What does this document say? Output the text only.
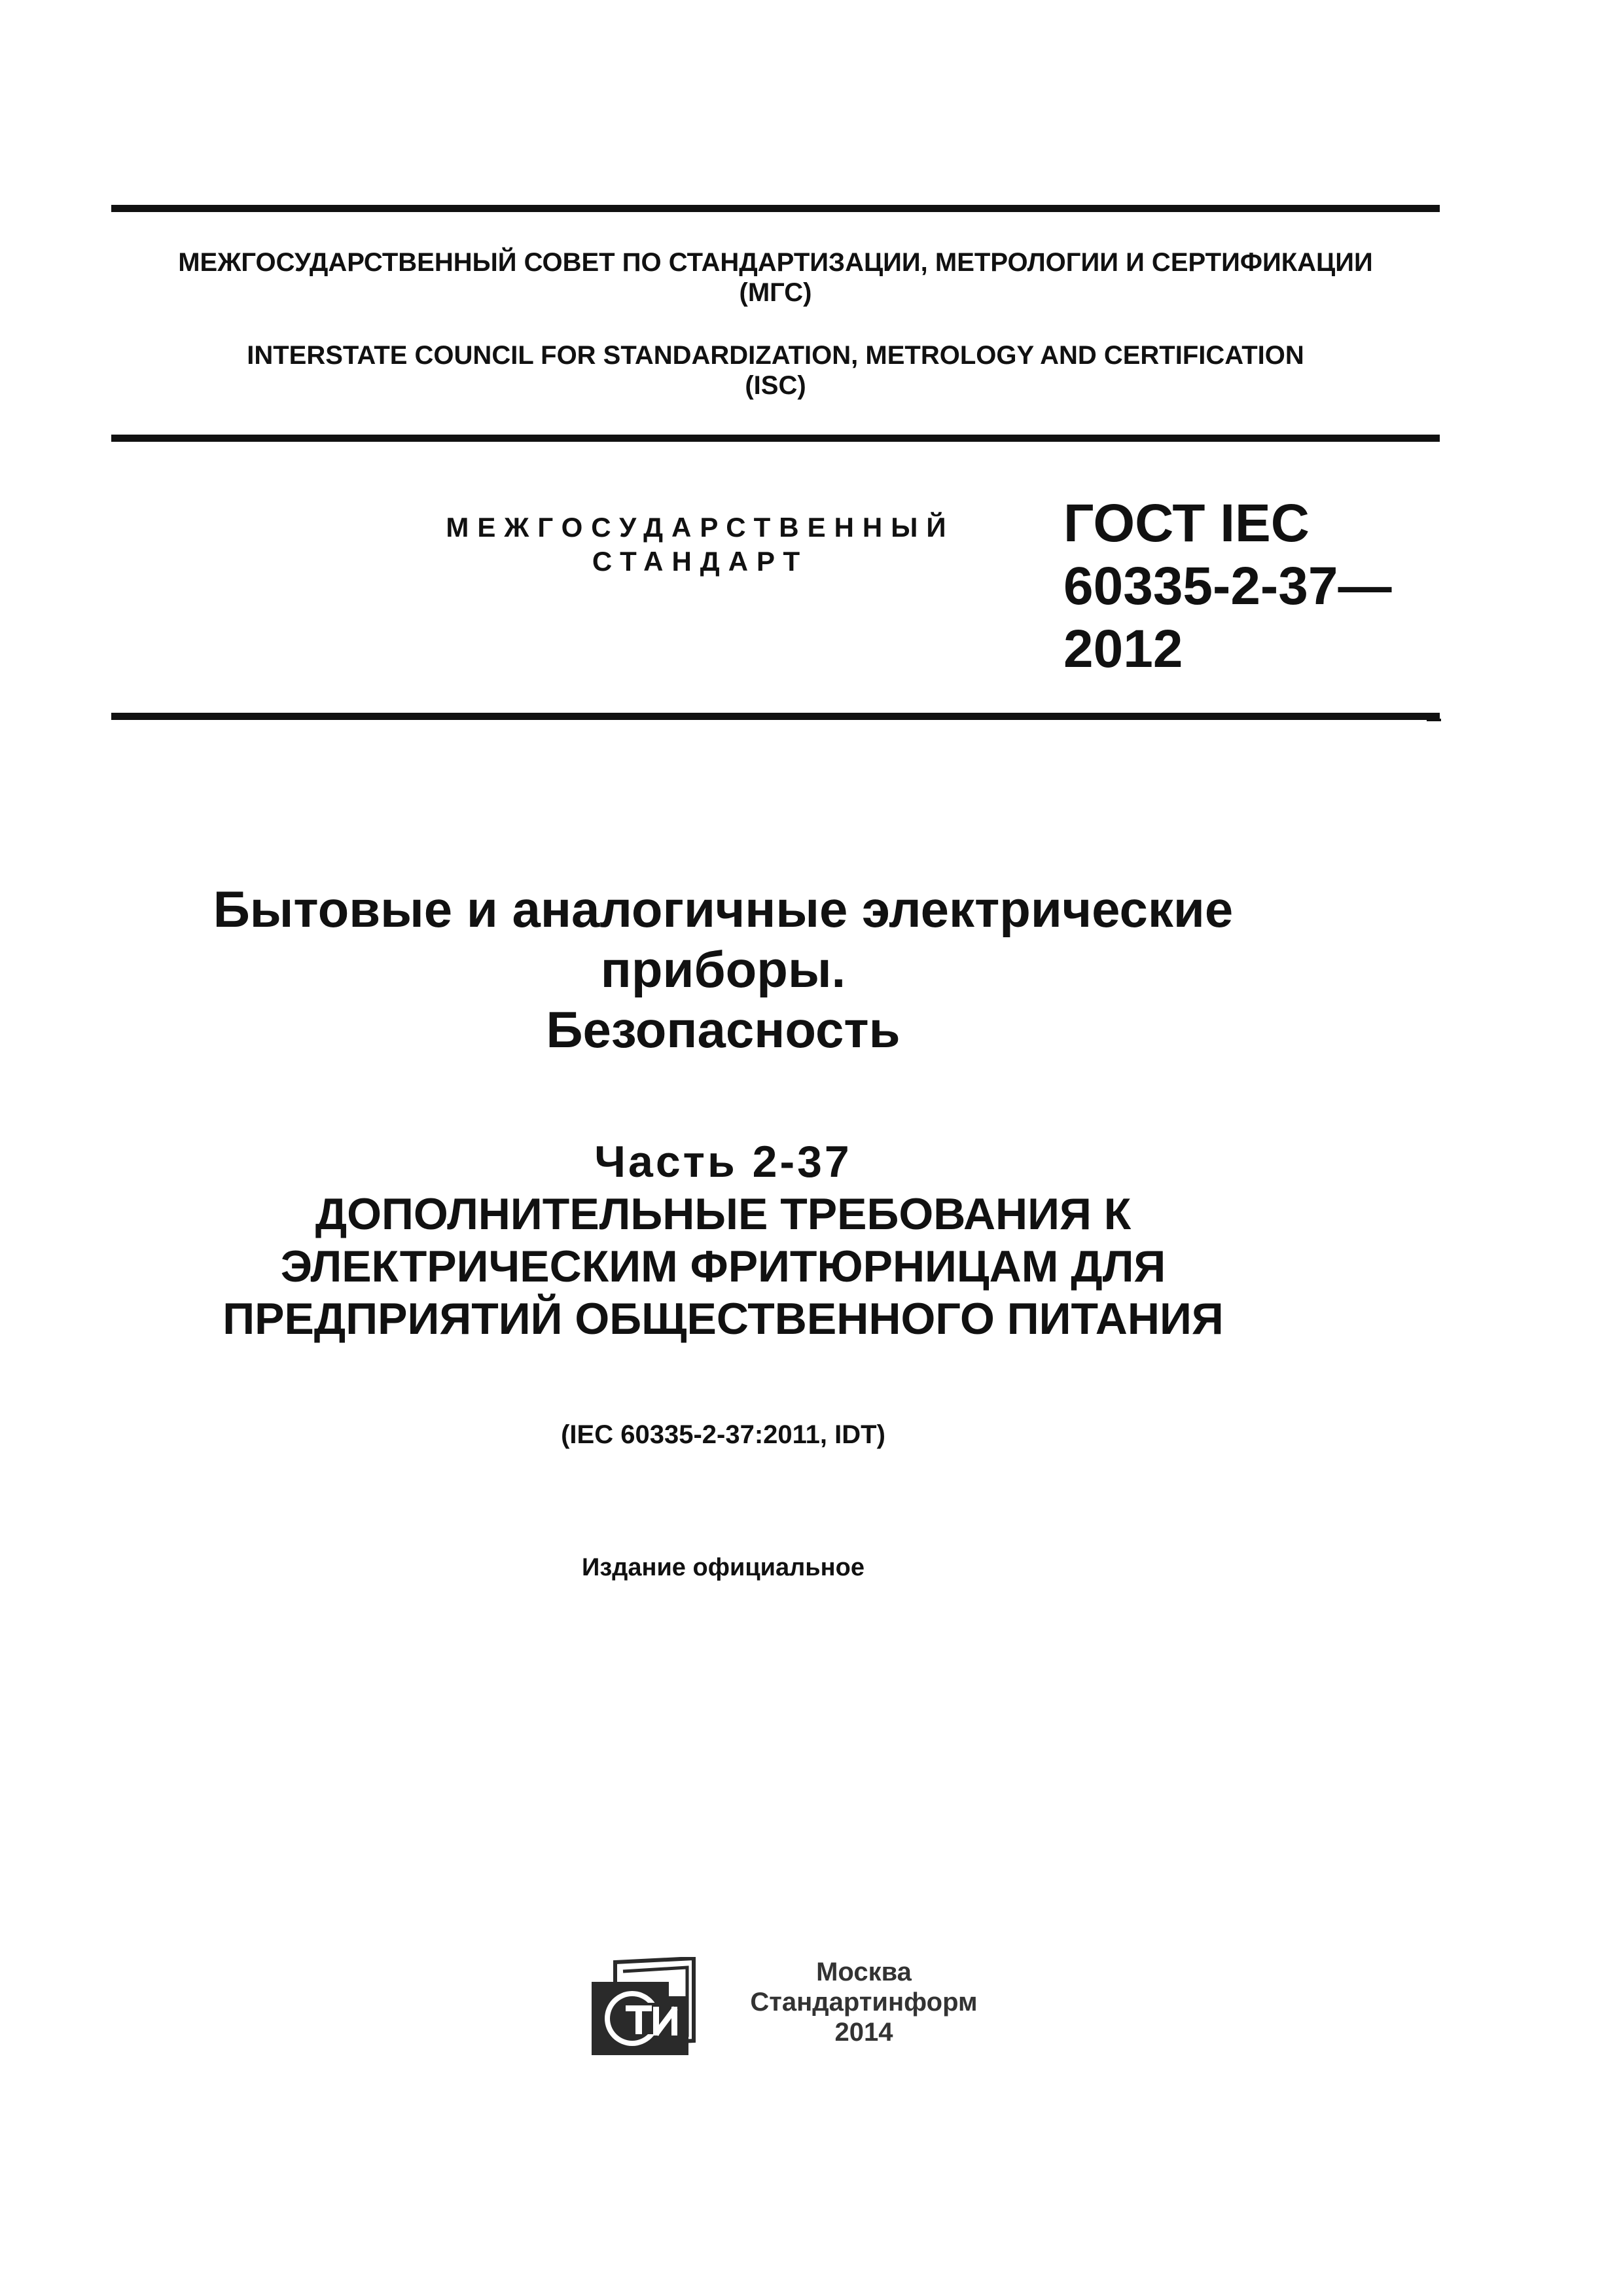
МЕЖГОСУДАРСТВЕННЫЙ СОВЕТ ПО СТАНДАРТИЗАЦИИ, МЕТРОЛОГИИ И СЕРТИФИКАЦИИ
(МГС)
INTERSTATE COUNCIL FOR STANDARDIZATION, METROLOGY AND CERTIFICATION
(ISC)
МЕЖГОСУДАРСТВЕННЫЙ
СТАНДАРТ
ГОСТ IEC
60335-2-37—
2012
Бытовые и аналогичные электрические
приборы.
Безопасность
Часть 2-37
ДОПОЛНИТЕЛЬНЫЕ ТРЕБОВАНИЯ К
ЭЛЕКТРИЧЕСКИМ ФРИТЮРНИЦАМ ДЛЯ
ПРЕДПРИЯТИЙ ОБЩЕСТВЕННОГО ПИТАНИЯ
(IEC 60335-2-37:2011, IDT)
Издание официальное
Москва
Стандартинформ
2014
